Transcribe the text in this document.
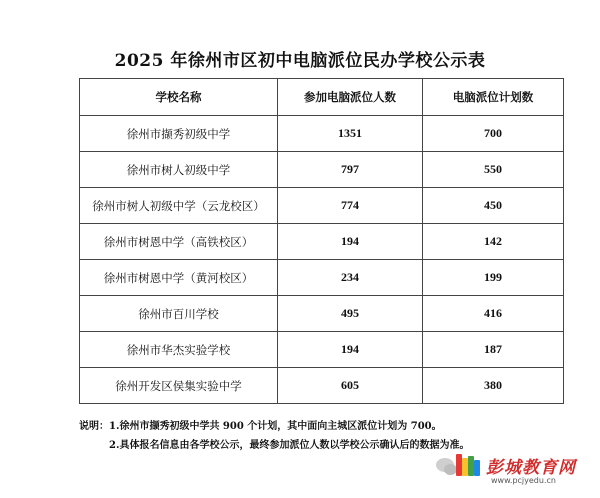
2025 年徐州市区初中电脑派位民办学校公示表
学校名称	参加电脑派位人数	电脑派位计划数
徐州市撷秀初级中学	1351	700
徐州市树人初级中学	797	550
徐州市树人初级中学（云龙校区）	774	450
徐州市树恩中学（高铁校区）	194	142
徐州市树恩中学（黄河校区）	234	199
徐州市百川学校	495	416
徐州市华杰实验学校	194	187
徐州开发区侯集实验中学	605	380
说明：1.徐州市撷秀初级中学共 900 个计划，其中面向主城区派位计划为 700。
2.具体报名信息由各学校公示，最终参加派位人数以学校公示确认后的数据为准。
彭城教育网
www.pcjyedu.cn
